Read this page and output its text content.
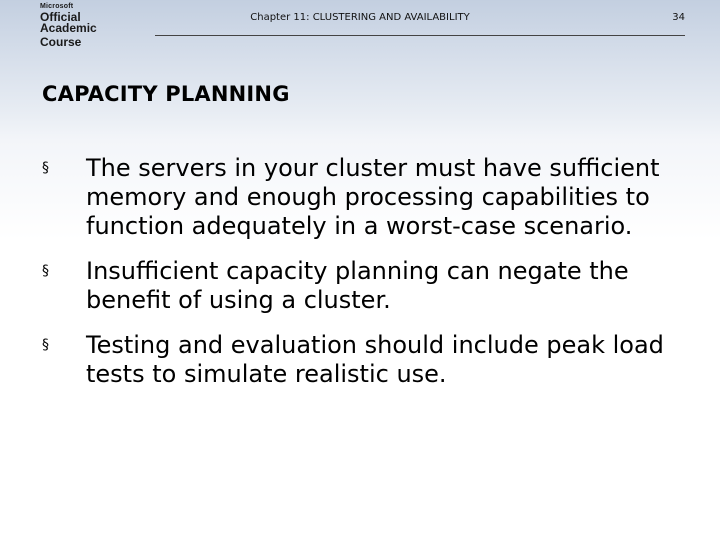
Microsoft
Official
Academic Course
Chapter 11: CLUSTERING AND AVAILABILITY	34
CAPACITY PLANNING
§ The servers in your cluster must have sufficient memory and enough processing capabilities to function adequately in a worst-case scenario.
§ Insufficient capacity planning can negate the benefit of using a cluster.
§ Testing and evaluation should include peak load tests to simulate realistic use.
